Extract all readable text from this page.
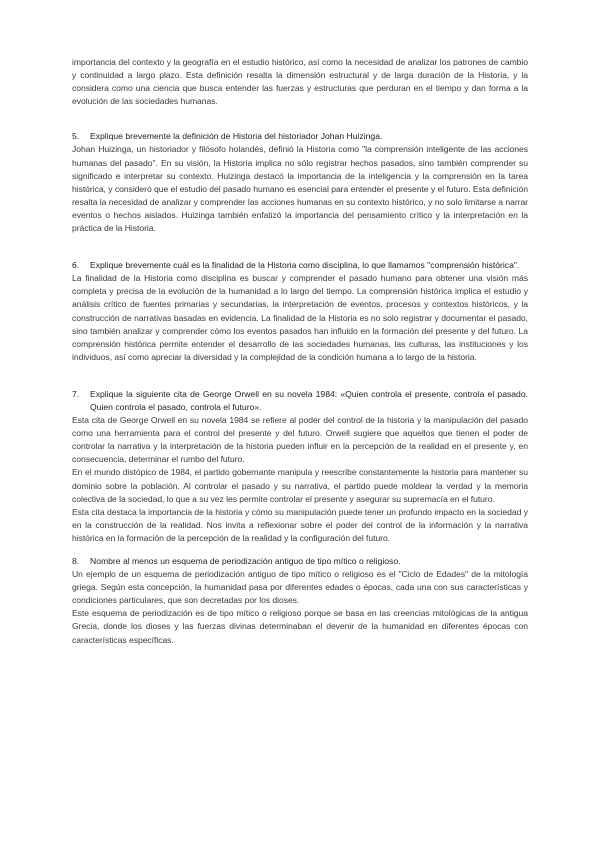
importancia del contexto y la geografía en el estudio histórico, así como la necesidad de analizar los patrones de cambio y continuidad a largo plazo. Esta definición resalta la dimensión estructural y de larga duración de la Historia, y la considera como una ciencia que busca entender las fuerzas y estructuras que perduran en el tiempo y dan forma a la evolución de las sociedades humanas.

5.	Explique brevemente la definición de Historia del historiador Johan Huizinga.

Johan Huizinga, un historiador y filósofo holandés, definió la Historia como "la comprensión inteligente de las acciones humanas del pasado". En su visión, la Historia implica no sólo registrar hechos pasados, sino también comprender su significado e interpretar su contexto. Huizinga destacó la importancia de la inteligencia y la comprensión en la tarea histórica, y consideró que el estudio del pasado humano es esencial para entender el presente y el futuro. Esta definición resalta la necesidad de analizar y comprender las acciones humanas en su contexto histórico, y no solo limitarse a narrar eventos o hechos aislados. Huizinga también enfatizó la importancia del pensamiento crítico y la interpretación en la práctica de la Historia.

6.	Explique brevemente cuál es la finalidad de la Historia como disciplina, lo que llamamos "comprensión histórica".

La finalidad de la Historia como disciplina es buscar y comprender el pasado humano para obtener una visión más completa y precisa de la evolución de la humanidad a lo largo del tiempo. La comprensión histórica implica el estudio y análisis crítico de fuentes primarias y secundarias, la interpretación de eventos, procesos y contextos históricos, y la construcción de narrativas basadas en evidencia. La finalidad de la Historia es no solo registrar y documentar el pasado, sino también analizar y comprender cómo los eventos pasados han influido en la formación del presente y del futuro. La comprensión histórica permite entender el desarrollo de las sociedades humanas, las culturas, las instituciones y los individuos, así como apreciar la diversidad y la complejidad de la condición humana a lo largo de la historia.

7.	Explique la siguiente cita de George Orwell en su novela 1984: «Quien controla el presente, controla el pasado. Quien controla el pasado, controla el futuro».

Esta cita de George Orwell en su novela 1984 se refiere al poder del control de la historia y la manipulación del pasado como una herramienta para el control del presente y del futuro. Orwell sugiere que aquellos que tienen el poder de controlar la narrativa y la interpretación de la historia pueden influir en la percepción de la realidad en el presente y, en consecuencia, determinar el rumbo del futuro.

En el mundo distópico de 1984, el partido gobernante manipula y reescribe constantemente la historia para mantener su dominio sobre la población. Al controlar el pasado y su narrativa, el partido puede moldear la verdad y la memoria colectiva de la sociedad, lo que a su vez les permite controlar el presente y asegurar su supremacía en el futuro.

Esta cita destaca la importancia de la historia y cómo su manipulación puede tener un profundo impacto en la sociedad y en la construcción de la realidad. Nos invita a reflexionar sobre el poder del control de la información y la narrativa histórica en la formación de la percepción de la realidad y la configuración del futuro.

8.	Nombre al menos un esquema de periodización antiguo de tipo mítico o religioso.

Un ejemplo de un esquema de periodización antiguo de tipo mítico o religioso es el "Ciclo de Edades" de la mitología griega. Según esta concepción, la humanidad pasa por diferentes edades o épocas, cada una con sus características y condiciones particulares, que son decretadas por los dioses.

Este esquema de periodización es de tipo mítico o religioso porque se basa en las creencias mitológicas de la antigua Grecia, donde los dioses y las fuerzas divinas determinaban el devenir de la humanidad en diferentes épocas con características específicas.
